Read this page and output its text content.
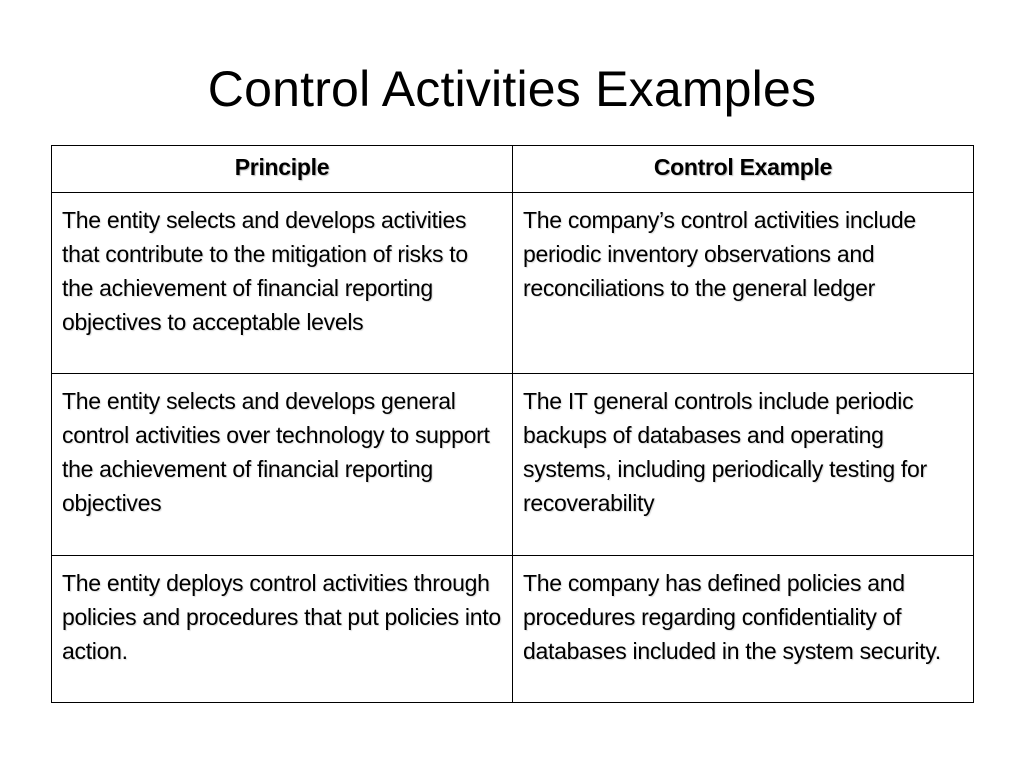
Control Activities Examples
Principle	Control Example
The entity selects and develops activities that contribute to the mitigation of risks to the achievement of financial reporting objectives to acceptable levels	The company’s control activities include periodic inventory observations and reconciliations to the general ledger
The entity selects and develops general control activities over technology to support the achievement of financial reporting objectives	The IT general controls include periodic backups of databases and operating systems, including periodically testing for recoverability
The entity deploys control activities through policies and procedures that put policies into action.	The company has defined policies and procedures regarding confidentiality of databases included in the system security.
